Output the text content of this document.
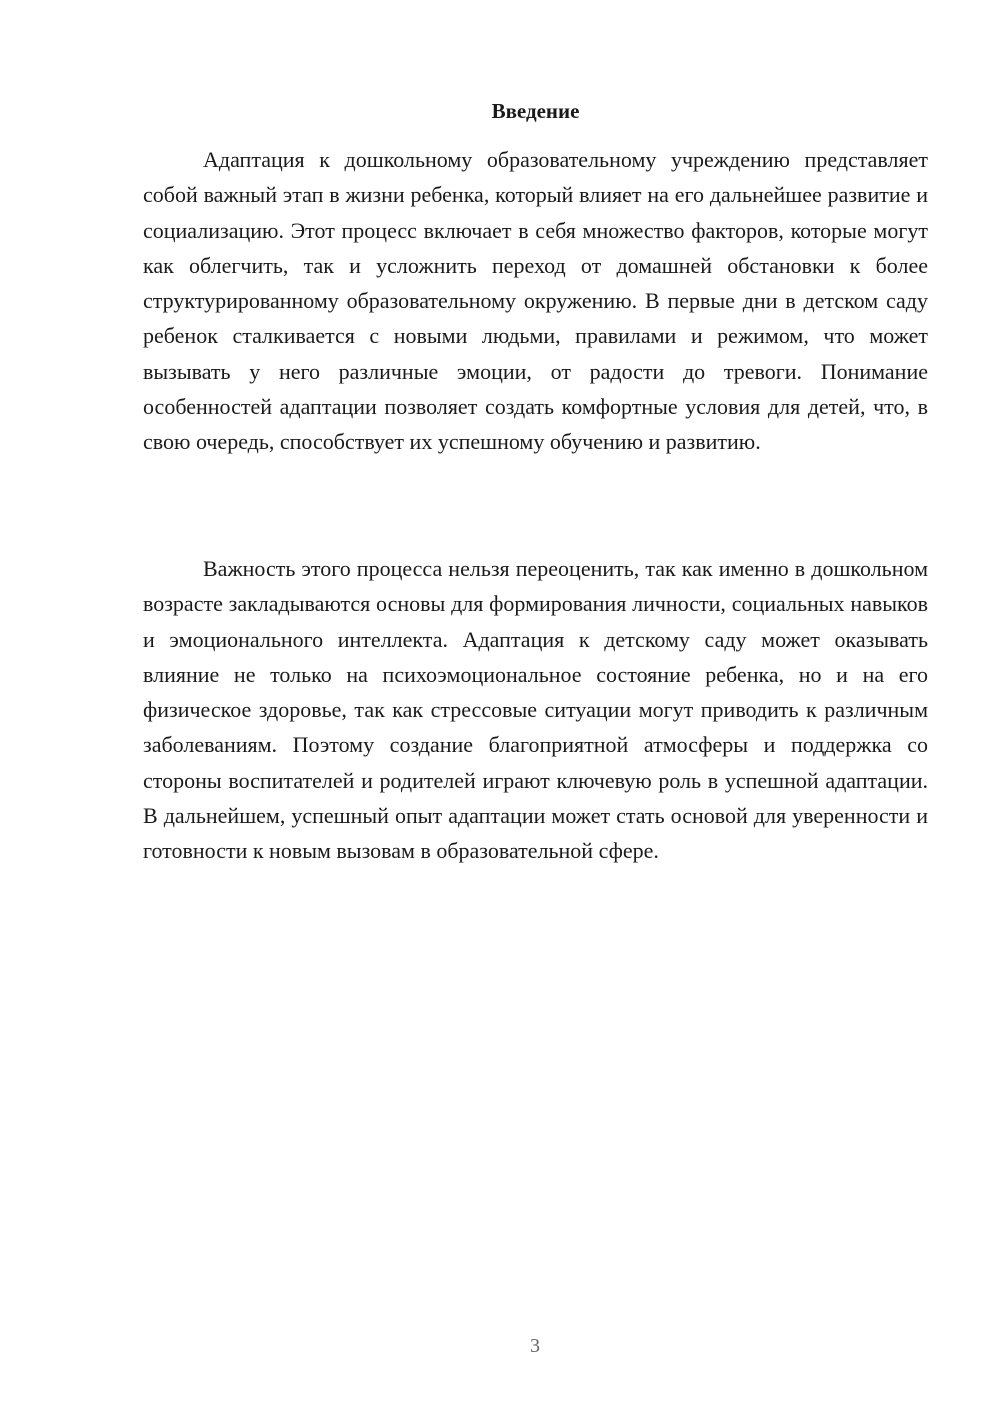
Введение

Адаптация к дошкольному образовательному учреждению представляет собой важный этап в жизни ребенка, который влияет на его дальнейшее развитие и социализацию. Этот процесс включает в себя множество факторов, которые могут как облегчить, так и усложнить переход от домашней обстановки к более структурированному образовательному окружению. В первые дни в детском саду ребенок сталкивается с новыми людьми, правилами и режимом, что может вызывать у него различные эмоции, от радости до тревоги. Понимание особенностей адаптации позволяет создать комфортные условия для детей, что, в свою очередь, способствует их успешному обучению и развитию.

Важность этого процесса нельзя переоценить, так как именно в дошкольном возрасте закладываются основы для формирования личности, социальных навыков и эмоционального интеллекта. Адаптация к детскому саду может оказывать влияние не только на психоэмоциональное состояние ребенка, но и на его физическое здоровье, так как стрессовые ситуации могут приводить к различным заболеваниям. Поэтому создание благоприятной атмосферы и поддержка со стороны воспитателей и родителей играют ключевую роль в успешной адаптации. В дальнейшем, успешный опыт адаптации может стать основой для уверенности и готовности к новым вызовам в образовательной сфере.

3
